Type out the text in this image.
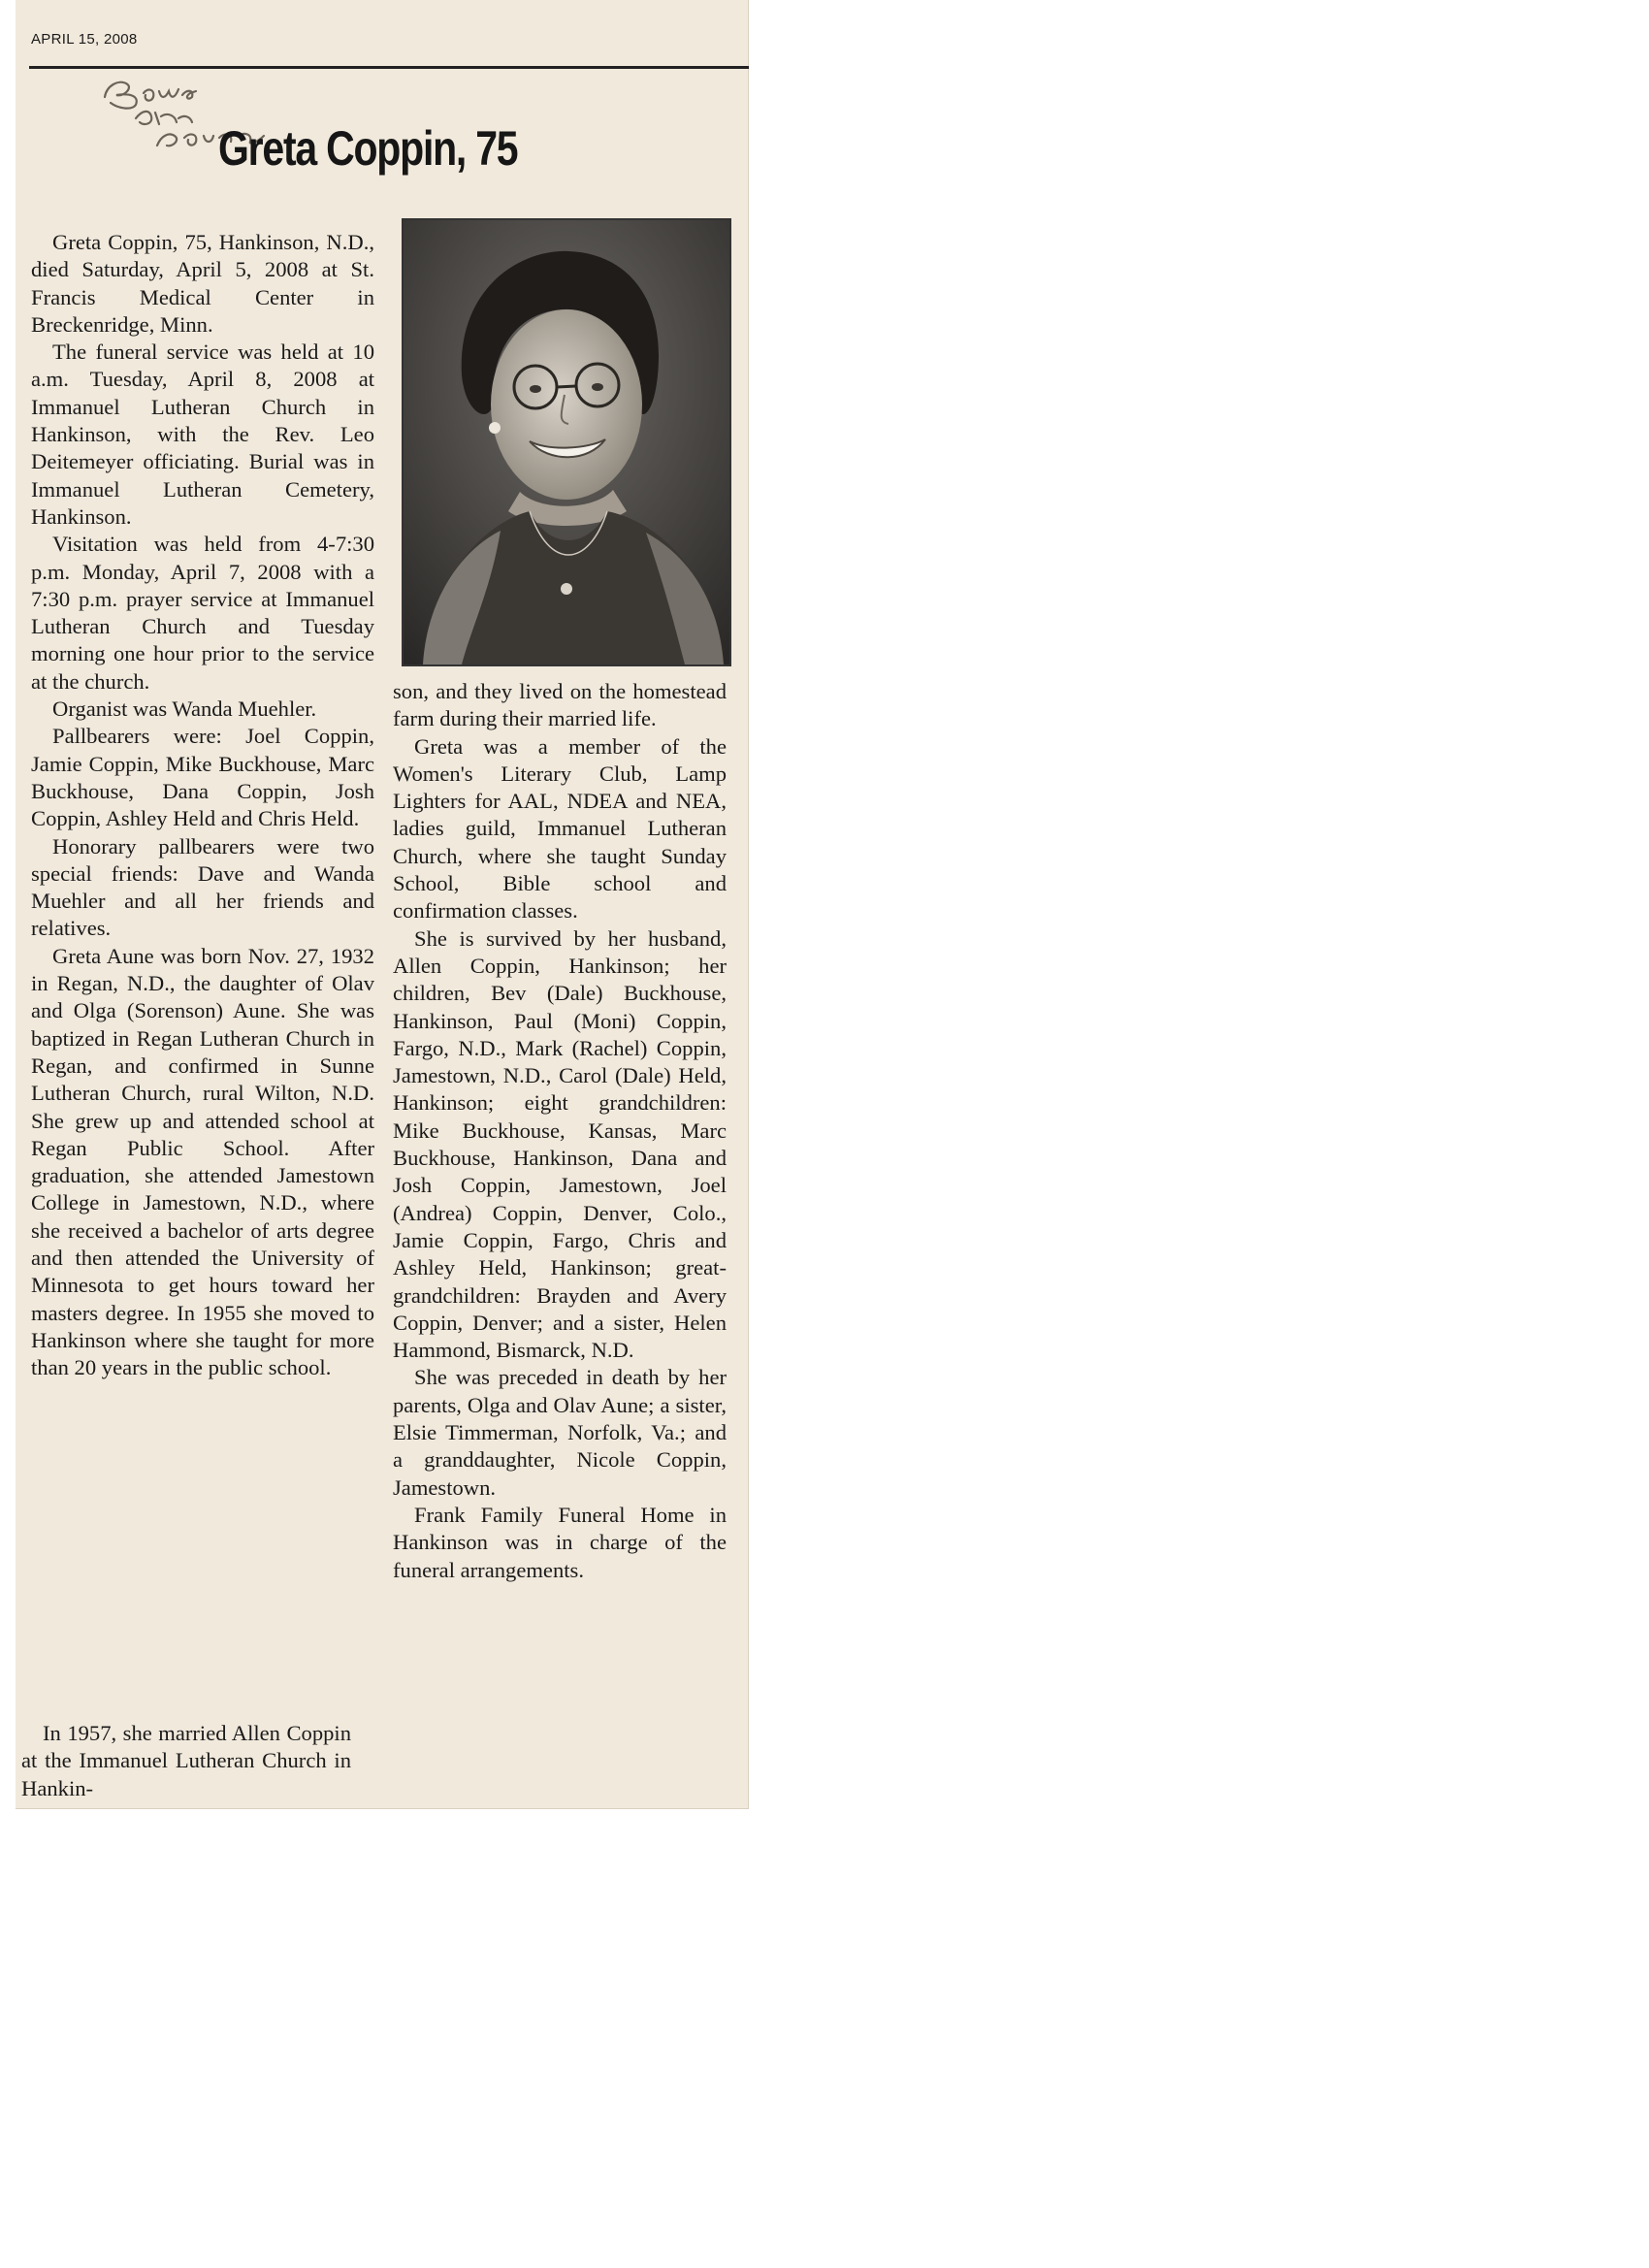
APRIL 15, 2008
Greta Coppin, 75

Greta Coppin, 75, Hankinson, N.D., died Saturday, April 5, 2008 at St. Francis Medical Center in Breckenridge, Minn.

The funeral service was held at 10 a.m. Tuesday, April 8, 2008 at Immanuel Lutheran Church in Hankinson, with the Rev. Leo Deitemeyer officiating. Burial was in Immanuel Lutheran Cemetery, Hankinson.

Visitation was held from 4-7:30 p.m. Monday, April 7, 2008 with a 7:30 p.m. prayer service at Immanuel Lutheran Church and Tuesday morning one hour prior to the service at the church.

Organist was Wanda Muehler.

Pallbearers were: Joel Coppin, Jamie Coppin, Mike Buckhouse, Marc Buckhouse, Dana Coppin, Josh Coppin, Ashley Held and Chris Held.

Honorary pallbearers were two special friends: Dave and Wanda Muehler and all her friends and relatives.

Greta Aune was born Nov. 27, 1932 in Regan, N.D., the daughter of Olav and Olga (Sorenson) Aune. She was baptized in Regan Lutheran Church in Regan, and confirmed in Sunne Lutheran Church, rural Wilton, N.D. She grew up and attended school at Regan Public School. After graduation, she attended Jamestown College in Jamestown, N.D., where she received a bachelor of arts degree and then attended the University of Minnesota to get hours toward her masters degree. In 1955 she moved to Hankinson where she taught for more than 20 years in the public school.

In 1957, she married Allen Coppin at the Immanuel Lutheran Church in Hankin-

son, and they lived on the homestead farm during their married life.

Greta was a member of the Women's Literary Club, Lamp Lighters for AAL, NDEA and NEA, ladies guild, Immanuel Lutheran Church, where she taught Sunday School, Bible school and confirmation classes.

She is survived by her husband, Allen Coppin, Hankinson; her children, Bev (Dale) Buckhouse, Hankinson, Paul (Moni) Coppin, Fargo, N.D., Mark (Rachel) Coppin, Jamestown, N.D., Carol (Dale) Held, Hankinson; eight grandchildren: Mike Buckhouse, Kansas, Marc Buckhouse, Hankinson, Dana and Josh Coppin, Jamestown, Joel (Andrea) Coppin, Denver, Colo., Jamie Coppin, Fargo, Chris and Ashley Held, Hankinson; great-grandchildren: Brayden and Avery Coppin, Denver; and a sister, Helen Hammond, Bismarck, N.D.

She was preceded in death by her parents, Olga and Olav Aune; a sister, Elsie Timmerman, Norfolk, Va.; and a granddaughter, Nicole Coppin, Jamestown.

Frank Family Funeral Home in Hankinson was in charge of the funeral arrangements.
